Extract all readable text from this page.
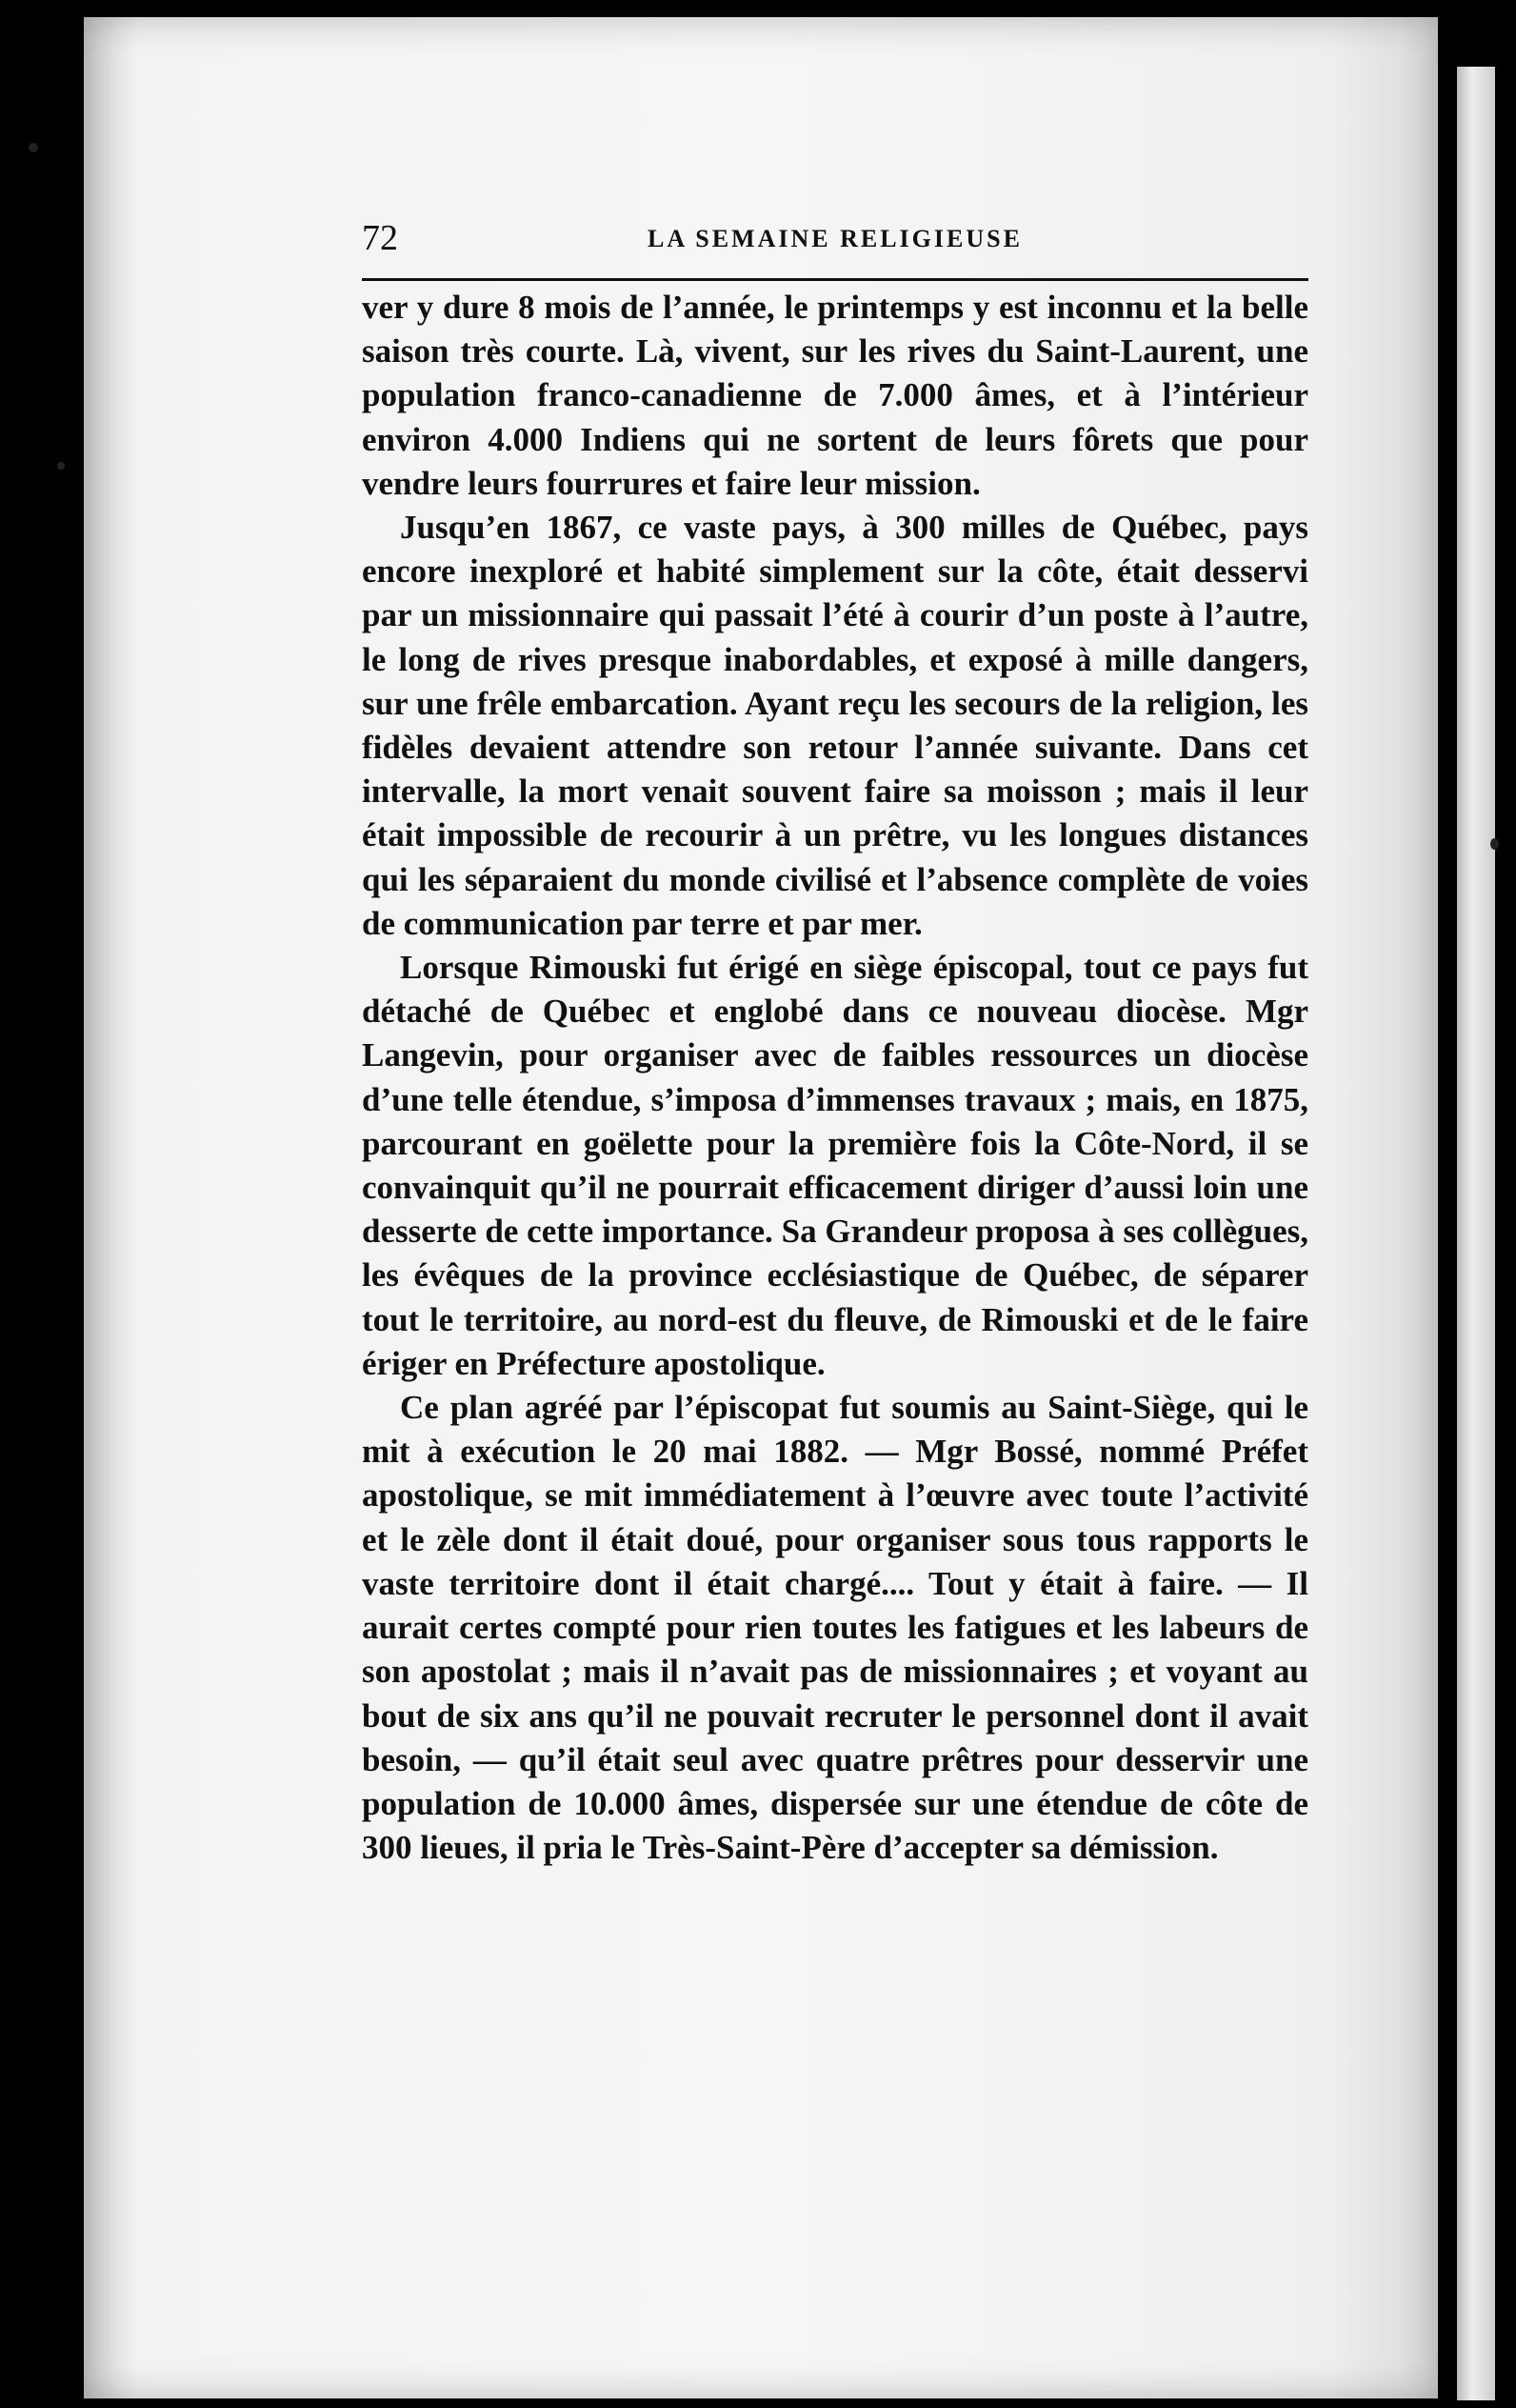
72	LA SEMAINE RELIGIEUSE

ver y dure 8 mois de l’année, le printemps y est inconnu et la belle saison très courte. Là, vivent, sur les rives du Saint-Laurent, une population franco-canadienne de 7.000 âmes, et à l’intérieur environ 4.000 Indiens qui ne sortent de leurs fôrets que pour vendre leurs fourrures et faire leur mission.

Jusqu’en 1867, ce vaste pays, à 300 milles de Québec, pays encore inexploré et habité simplement sur la côte, était desservi par un missionnaire qui passait l’été à courir d’un poste à l’autre, le long de rives presque inabordables, et exposé à mille dangers, sur une frêle embarcation. Ayant reçu les secours de la religion, les fidèles devaient attendre son retour l’année suivante. Dans cet intervalle, la mort venait souvent faire sa moisson ; mais il leur était impossible de recourir à un prêtre, vu les longues distances qui les séparaient du monde civilisé et l’absence complète de voies de communication par terre et par mer.

Lorsque Rimouski fut érigé en siège épiscopal, tout ce pays fut détaché de Québec et englobé dans ce nouveau diocèse. Mgr Langevin, pour organiser avec de faibles ressources un diocèse d’une telle étendue, s’imposa d’immenses travaux ; mais, en 1875, parcourant en goëlette pour la première fois la Côte-Nord, il se convainquit qu’il ne pourrait efficacement diriger d’aussi loin une desserte de cette importance. Sa Grandeur proposa à ses collègues, les évêques de la province ecclésiastique de Québec, de séparer tout le territoire, au nord-est du fleuve, de Rimouski et de le faire ériger en Préfecture apostolique.

Ce plan agréé par l’épiscopat fut soumis au Saint-Siège, qui le mit à exécution le 20 mai 1882. — Mgr Bossé, nommé Préfet apostolique, se mit immédiatement à l’œuvre avec toute l’activité et le zèle dont il était doué, pour organiser sous tous rapports le vaste territoire dont il était chargé.... Tout y était à faire. — Il aurait certes compté pour rien toutes les fatigues et les labeurs de son apostolat ; mais il n’avait pas de missionnaires ; et voyant au bout de six ans qu’il ne pouvait recruter le personnel dont il avait besoin, — qu’il était seul avec quatre prêtres pour desservir une population de 10.000 âmes, dispersée sur une étendue de côte de 300 lieues, il pria le Très-Saint-Père d’accepter sa démission.
